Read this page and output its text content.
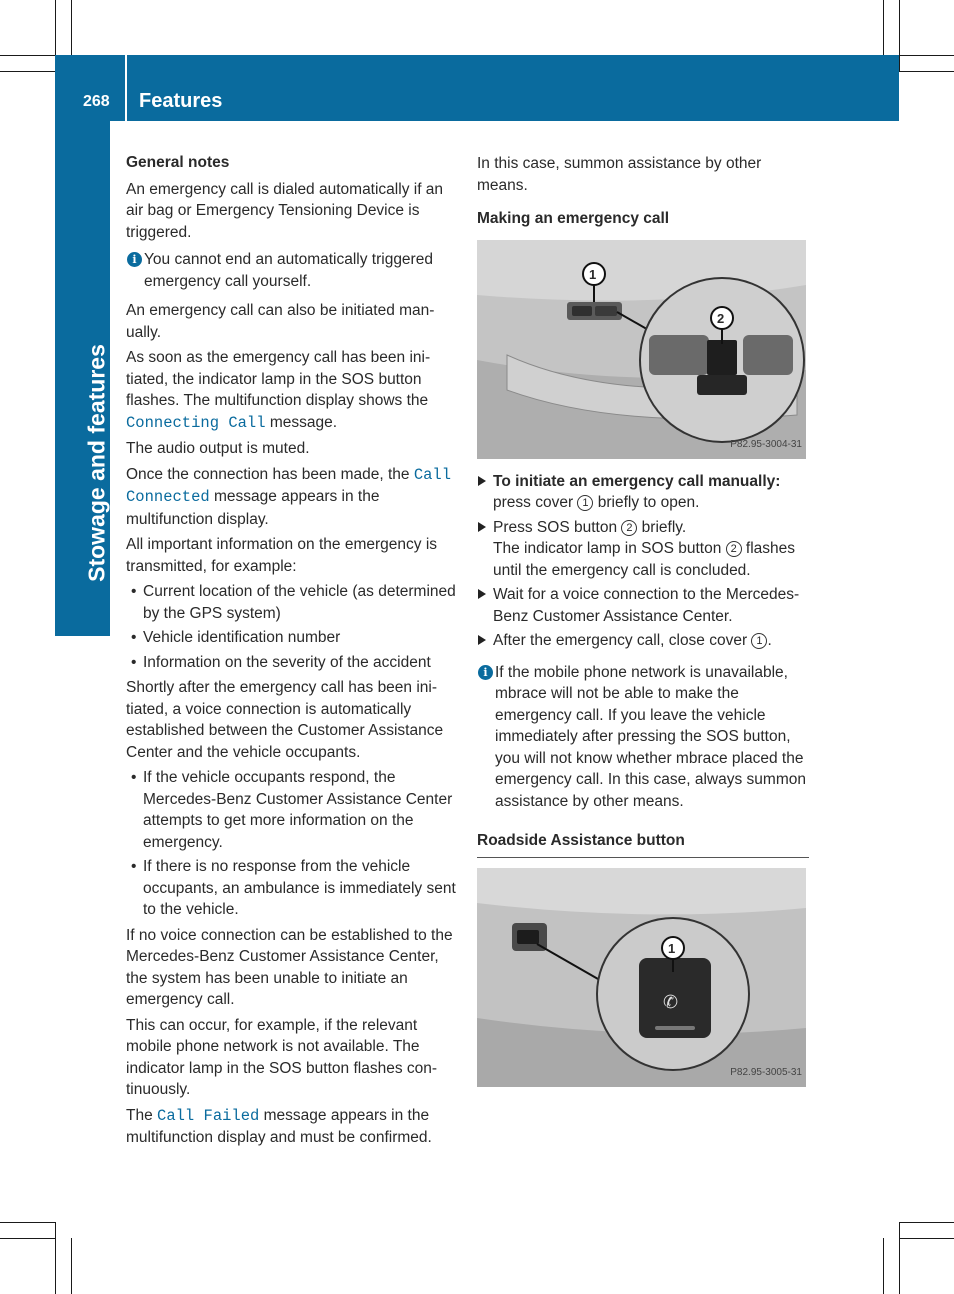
268 Features
Stowage and features
General notes

An emergency call is dialed automatically if an air bag or Emergency Tensioning Device is triggered.

i You cannot end an automatically triggered emergency call yourself.

An emergency call can also be initiated manually.

As soon as the emergency call has been initiated, the indicator lamp in the SOS button flashes. The multifunction display shows the Connecting Call message.

The audio output is muted.

Once the connection has been made, the Call Connected message appears in the multifunction display.

All important information on the emergency is transmitted, for example:

• Current location of the vehicle (as determined by the GPS system)
• Vehicle identification number
• Information on the severity of the accident

Shortly after the emergency call has been initiated, a voice connection is automatically established between the Customer Assistance Center and the vehicle occupants.

• If the vehicle occupants respond, the Mercedes-Benz Customer Assistance Center attempts to get more information on the emergency.
• If there is no response from the vehicle occupants, an ambulance is immediately sent to the vehicle.

If no voice connection can be established to the Mercedes-Benz Customer Assistance Center, the system has been unable to initiate an emergency call.

This can occur, for example, if the relevant mobile phone network is not available. The indicator lamp in the SOS button flashes continuously.

The Call Failed message appears in the multifunction display and must be confirmed.

In this case, summon assistance by other means.

Making an emergency call
1
2
P82.95-3004-31
To initiate an emergency call manually:
press cover 1 briefly to open.
Press SOS button 2 briefly.
The indicator lamp in SOS button 2 flashes until the emergency call is concluded.
Wait for a voice connection to the Mercedes-Benz Customer Assistance Center.
After the emergency call, close cover 1 .
i If the mobile phone network is unavailable, mbrace will not be able to make the emergency call. If you leave the vehicle immediately after pressing the SOS button, you will not know whether mbrace placed the emergency call. In this case, always summon assistance by other means.
Roadside Assistance button
✆
1
P82.95-3005-31
